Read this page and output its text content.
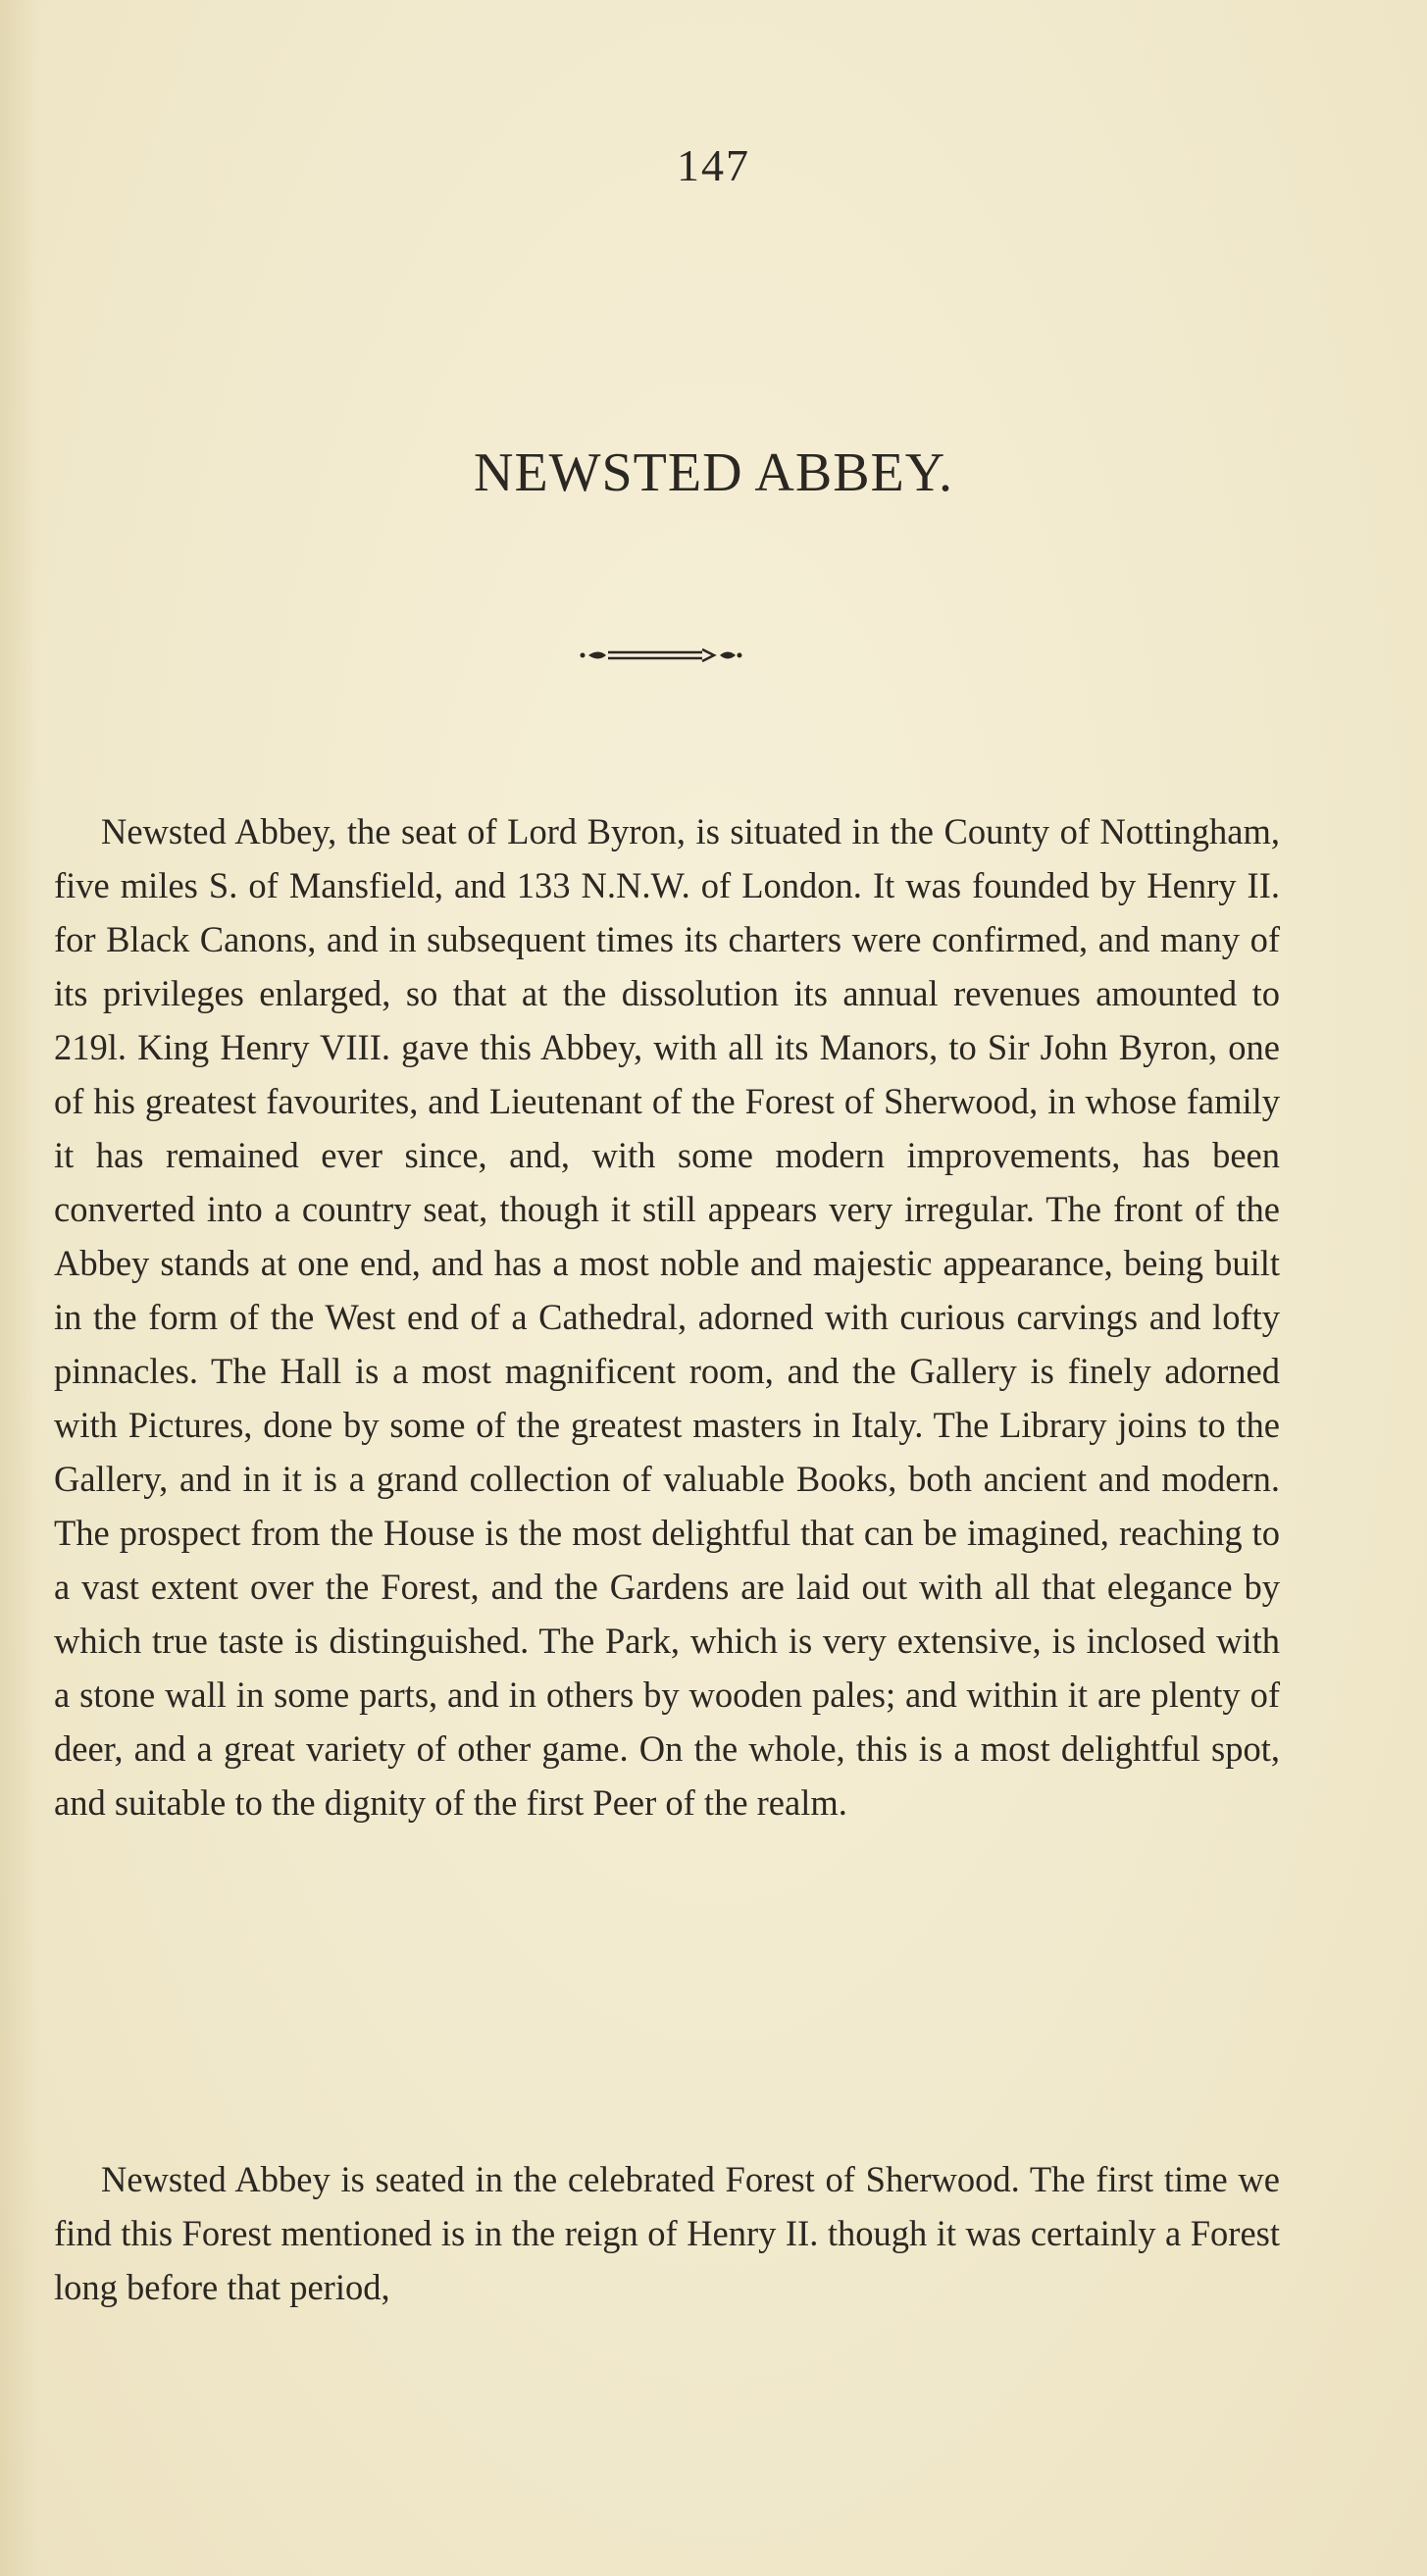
147
NEWSTED ABBEY.

Newsted Abbey, the seat of Lord Byron, is situated in the County of Nottingham, five miles S. of Mansfield, and 133 N.N.W. of London. It was founded by Henry II. for Black Canons, and in subsequent times its charters were confirmed, and many of its privileges enlarged, so that at the dissolution its annual revenues amounted to 219l. King Henry VIII. gave this Abbey, with all its Manors, to Sir John Byron, one of his greatest favourites, and Lieutenant of the Forest of Sherwood, in whose family it has remained ever since, and, with some modern improvements, has been converted into a country seat, though it still appears very irregular. The front of the Abbey stands at one end, and has a most noble and majestic appearance, being built in the form of the West end of a Cathedral, adorned with curious carvings and lofty pinnacles. The Hall is a most magnificent room, and the Gallery is finely adorned with Pictures, done by some of the greatest masters in Italy. The Library joins to the Gallery, and in it is a grand collection of valuable Books, both ancient and modern. The prospect from the House is the most delightful that can be imagined, reaching to a vast extent over the Forest, and the Gardens are laid out with all that elegance by which true taste is distinguished. The Park, which is very extensive, is inclosed with a stone wall in some parts, and in others by wooden pales; and within it are plenty of deer, and a great variety of other game. On the whole, this is a most delightful spot, and suitable to the dignity of the first Peer of the realm.

Newsted Abbey is seated in the celebrated Forest of Sherwood. The first time we find this Forest mentioned is in the reign of Henry II. though it was certainly a Forest long before that period,
